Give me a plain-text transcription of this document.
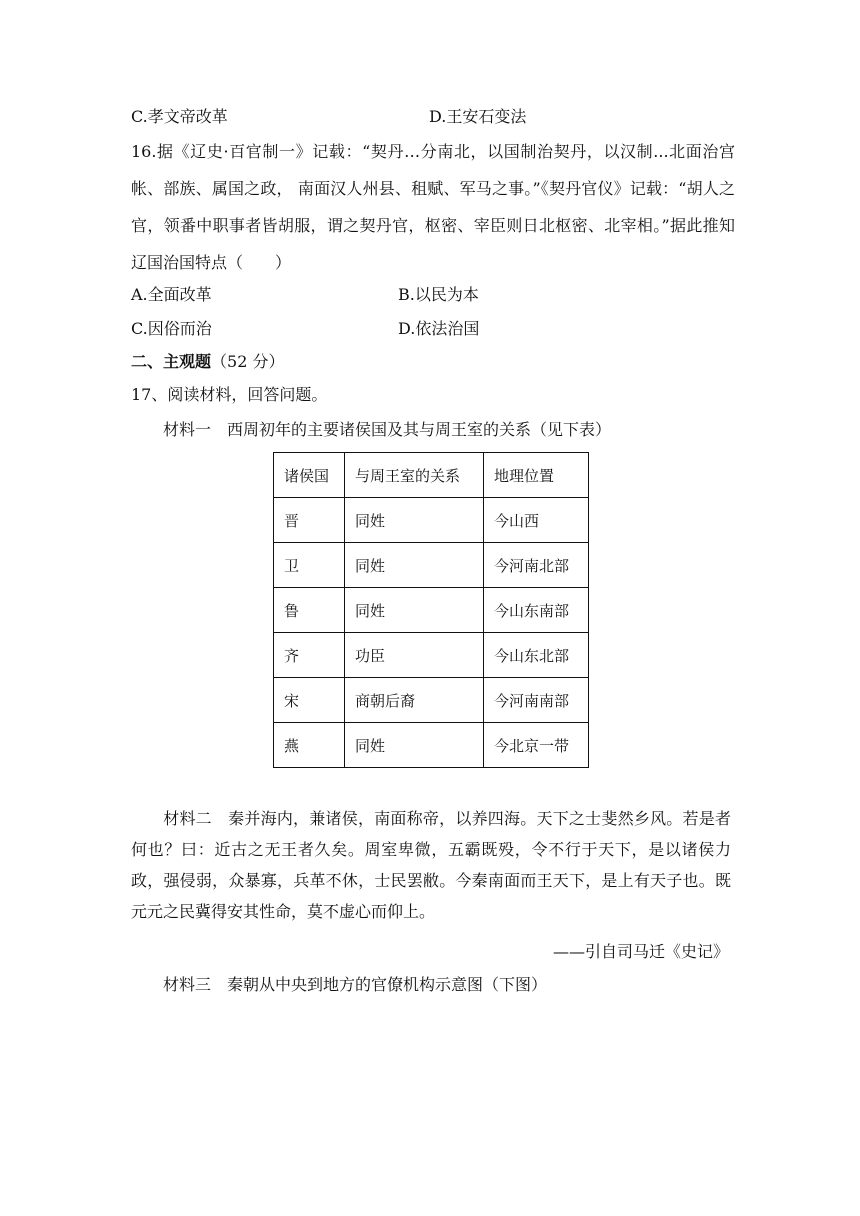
C.孝文帝改革	D.王安石变法
16.据《辽史·百官制一》记载：“契丹…分南北，以国制治契丹，以汉制...北面治宫帐、部族、属国之政， 南面汉人州县、租赋、军马之事。”《契丹官仪》记载：“胡人之官，领番中职事者皆胡服，谓之契丹官，枢密、宰臣则日北枢密、北宰相。”据此推知辽国治国特点（　　）
A.全面改革	B.以民为本
C.因俗而治	D.依法治国
二、主观题（52 分）
17、阅读材料，回答问题。
材料一　西周初年的主要诸侯国及其与周王室的关系（见下表）
诸侯国	与周王室的关系	地理位置
晋	同姓	今山西
卫	同姓	今河南北部
鲁	同姓	今山东南部
齐	功臣	今山东北部
宋	商朝后裔	今河南南部
燕	同姓	今北京一带
材料二　秦并海内，兼诸侯，南面称帝，以养四海。天下之士斐然乡风。若是者何也？曰：近古之无王者久矣。周室卑微，五霸既殁，令不行于天下，是以诸侯力政，强侵弱，众暴寡，兵革不休，士民罢敝。今秦南面而王天下，是上有天子也。既元元之民冀得安其性命，莫不虚心而仰上。
——引自司马迁《史记》
材料三　秦朝从中央到地方的官僚机构示意图（下图）
